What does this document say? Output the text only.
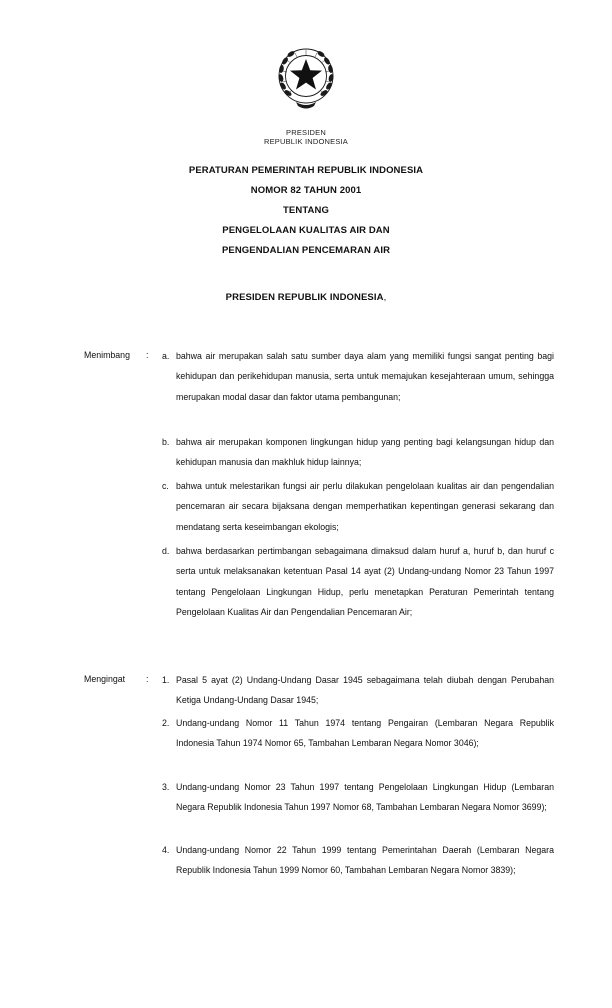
PRESIDEN
REPUBLIK INDONESIA
PERATURAN PEMERINTAH REPUBLIK INDONESIA
NOMOR 82 TAHUN 2001
TENTANG
PENGELOLAAN KUALITAS AIR DAN
PENGENDALIAN PENCEMARAN AIR
PRESIDEN REPUBLIK INDONESIA,
Menimbang : a. bahwa air merupakan salah satu sumber daya alam yang memiliki fungsi sangat penting bagi kehidupan dan perikehidupan manusia, serta untuk memajukan kesejahteraan umum, sehingga merupakan modal dasar dan faktor utama pembangunan;
b. bahwa air merupakan komponen lingkungan hidup yang penting bagi kelangsungan hidup dan kehidupan manusia dan makhluk hidup lainnya;
c. bahwa untuk melestarikan fungsi air perlu dilakukan pengelolaan kualitas air dan pengendalian pencemaran air secara bijaksana dengan memperhatikan kepentingan generasi sekarang dan mendatang serta keseimbangan ekologis;
d. bahwa berdasarkan pertimbangan sebagaimana dimaksud dalam huruf a, huruf b, dan huruf c serta untuk melaksanakan ketentuan Pasal 14 ayat (2) Undang-undang Nomor 23 Tahun 1997 tentang Pengelolaan Lingkungan Hidup, perlu menetapkan Peraturan Pemerintah tentang Pengelolaan Kualitas Air dan Pengendalian Pencemaran Air;
Mengingat : 1. Pasal 5 ayat (2) Undang-Undang Dasar 1945 sebagaimana telah diubah dengan Perubahan Ketiga Undang-Undang Dasar 1945;
2. Undang-undang Nomor 11 Tahun 1974 tentang Pengairan (Lembaran Negara Republik Indonesia Tahun 1974 Nomor 65, Tambahan Lembaran Negara Nomor 3046);
3. Undang-undang Nomor 23 Tahun 1997 tentang Pengelolaan Lingkungan Hidup (Lembaran Negara Republik Indonesia Tahun 1997 Nomor 68, Tambahan Lembaran Negara Nomor 3699);
4. Undang-undang Nomor 22 Tahun 1999 tentang Pemerintahan Daerah (Lembaran Negara Republik Indonesia Tahun 1999 Nomor 60, Tambahan Lembaran Negara Nomor 3839);
